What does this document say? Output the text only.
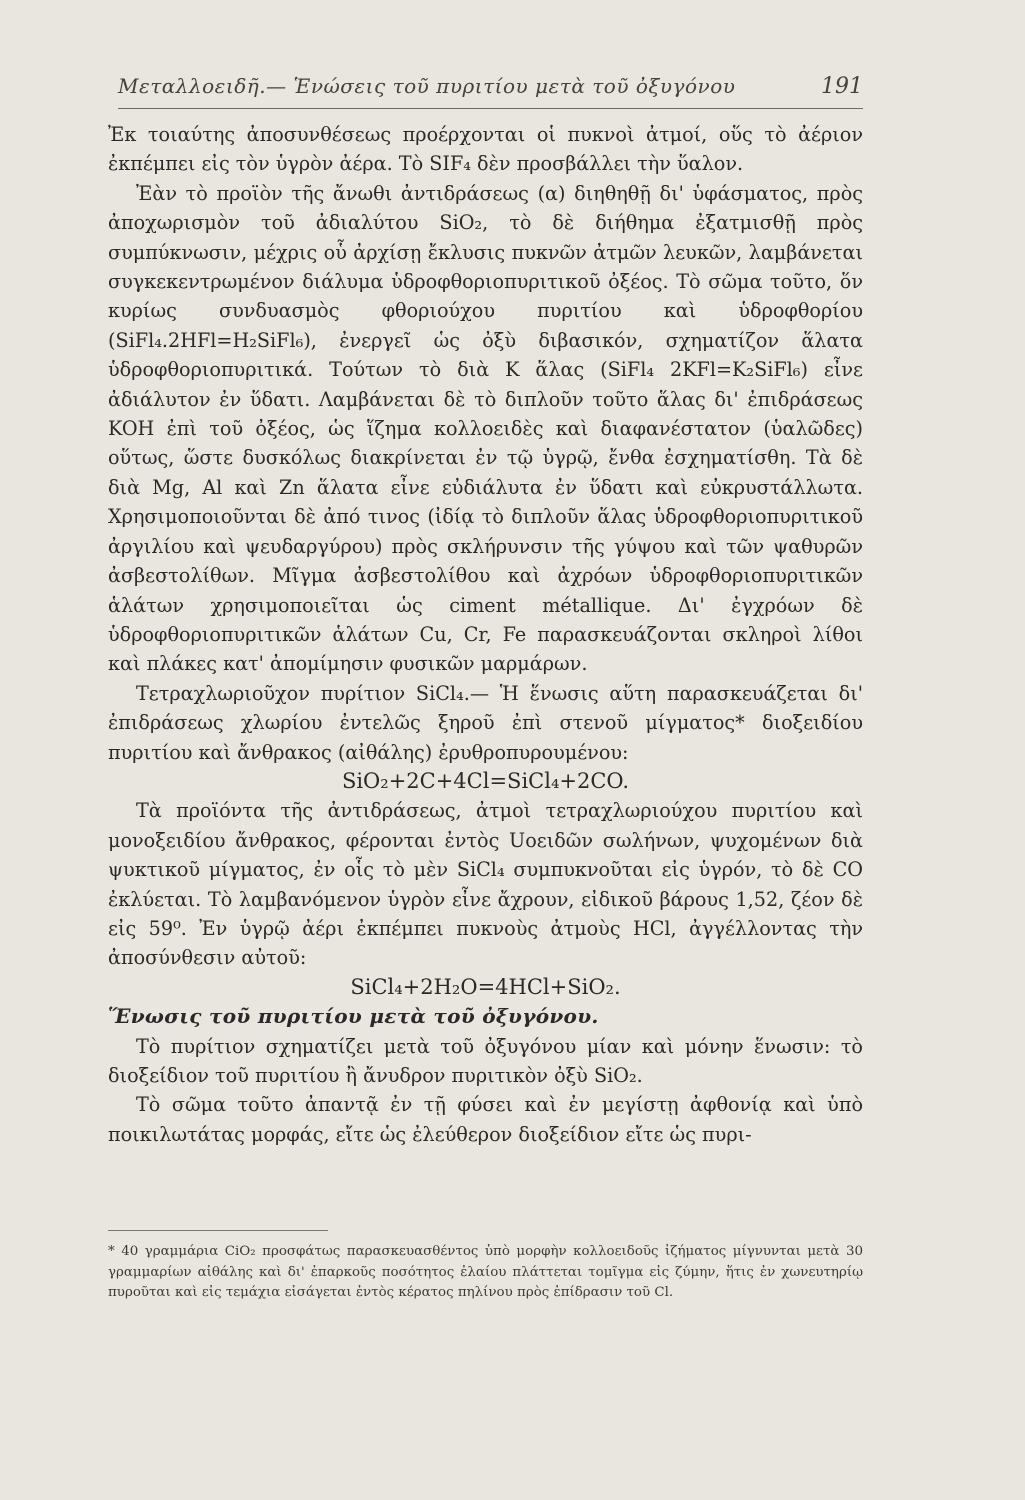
Μεταλλοειδῆ.— Ἑνώσεις τοῦ πυριτίου μετὰ τοῦ ὀξυγόνου	191

Ἐκ τοιαύτης ἀποσυνθέσεως προέρχονται οἱ πυκνοὶ ἀτμοί, οὕς τὸ ἀέριον ἐκπέμπει εἰς τὸν ὑγρὸν ἀέρα. Τὸ SIF₄ δὲν προσβάλλει τὴν ὕαλον.

Ἐὰν τὸ προϊὸν τῆς ἄνωθι ἀντιδράσεως (α) διηθηθῇ δι' ὑφάσματος, πρὸς ἀποχωρισμὸν τοῦ ἀδιαλύτου SiO₂, τὸ δὲ διήθημα ἐξατμισθῇ πρὸς συμπύκνωσιν, μέχρις οὗ ἀρχίσῃ ἔκλυσις πυκνῶν ἀτμῶν λευκῶν, λαμβάνεται συγκεκεντρωμένον διάλυμα ὑδροφθοριοπυριτικοῦ ὀξέος. Τὸ σῶμα τοῦτο, ὅν κυρίως συνδυασμὸς φθοριούχου πυριτίου καὶ ὑδροφθορίου (SiFl₄.2HFl=H₂SiFl₆), ἐνεργεῖ ὡς ὀξὺ διβασικόν, σχηματίζον ἅλατα ὑδροφθοριοπυριτικά. Τούτων τὸ διὰ K ἅλας (SiFl₄ 2KFl=K₂SiFl₆) εἶνε ἀδιάλυτον ἐν ὕδατι. Λαμβάνεται δὲ τὸ διπλοῦν τοῦτο ἅλας δι' ἐπιδράσεως KOH ἐπὶ τοῦ ὀξέος, ὡς ἵζημα κολλοειδὲς καὶ διαφανέστατον (ὑαλῶδες) οὕτως, ὥστε δυσκόλως διακρίνεται ἐν τῷ ὑγρῷ, ἔνθα ἐσχηματίσθη. Τὰ δὲ διὰ Mg, Al καὶ Zn ἅλατα εἶνε εὐδιάλυτα ἐν ὕδατι καὶ εὐκρυστάλλωτα. Χρησιμοποιοῦνται δὲ ἀπό τινος (ἰδίᾳ τὸ διπλοῦν ἅλας ὑδροφθοριοπυριτικοῦ ἀργιλίου καὶ ψευδαργύρου) πρὸς σκλήρυνσιν τῆς γύψου καὶ τῶν ψαθυρῶν ἀσβεστολίθων. Μῖγμα ἀσβεστολίθου καὶ ἀχρόων ὑδροφθοριοπυριτικῶν ἁλάτων χρησιμοποιεῖται ὡς ciment métallique. Δι' ἐγχρόων δὲ ὑδροφθοριοπυριτικῶν ἁλάτων Cu, Cr, Fe παρασκευάζονται σκληροὶ λίθοι καὶ πλάκες κατ' ἀπομίμησιν φυσικῶν μαρμάρων.

Τετραχλωριοῦχον πυρίτιον SiCl₄.— Ἡ ἕνωσις αὕτη παρασκευάζεται δι' ἐπιδράσεως χλωρίου ἐντελῶς ξηροῦ ἐπὶ στενοῦ μίγματος* διοξειδίου πυριτίου καὶ ἄνθρακος (αἰθάλης) ἐρυθροπυρουμένου:

SiO₂+2C+4Cl=SiCl₄+2CO.

Τὰ προϊόντα τῆς ἀντιδράσεως, ἀτμοὶ τετραχλωριούχου πυριτίου καὶ μονοξειδίου ἄνθρακος, φέρονται ἐντὸς Uοειδῶν σωλήνων, ψυχομένων διὰ ψυκτικοῦ μίγματος, ἐν οἷς τὸ μὲν SiCl₄ συμπυκνοῦται εἰς ὑγρόν, τὸ δὲ CO ἐκλύεται. Τὸ λαμβανόμενον ὑγρὸν εἶνε ἄχρουν, εἰδικοῦ βάρους 1,52, ζέον δὲ εἰς 59⁰. Ἐν ὑγρῷ ἀέρι ἐκπέμπει πυκνοὺς ἀτμοὺς HCl, ἀγγέλλοντας τὴν ἀποσύνθεσιν αὐτοῦ:

SiCl₄+2H₂O=4HCl+SiO₂.

Ἕνωσις τοῦ πυριτίου μετὰ τοῦ ὀξυγόνου.

Τὸ πυρίτιον σχηματίζει μετὰ τοῦ ὀξυγόνου μίαν καὶ μόνην ἕνωσιν: τὸ διοξείδιον τοῦ πυριτίου ἢ ἄνυδρον πυριτικὸν ὀξὺ SiO₂.

Τὸ σῶμα τοῦτο ἀπαντᾷ ἐν τῇ φύσει καὶ ἐν μεγίστῃ ἀφθονίᾳ καὶ ὑπὸ ποικιλωτάτας μορφάς, εἴτε ὡς ἐλεύθερον διοξείδιον εἴτε ὡς πυρι-

* 40 γραμμάρια CiO₂ προσφάτως παρασκευασθέντος ὑπὸ μορφὴν κολλοειδοῦς ἰζήματος μίγνυνται μετὰ 30 γραμμαρίων αἰθάλης καὶ δι' ἐπαρκοῦς ποσότητος ἐλαίου πλάττεται τομῖγμα εἰς ζύμην, ἥτις ἐν χωνευτηρίῳ πυροῦται καὶ εἰς τεμάχια εἰσάγεται ἐντὸς κέρατος πηλίνου πρὸς ἐπίδρασιν τοῦ Cl.
